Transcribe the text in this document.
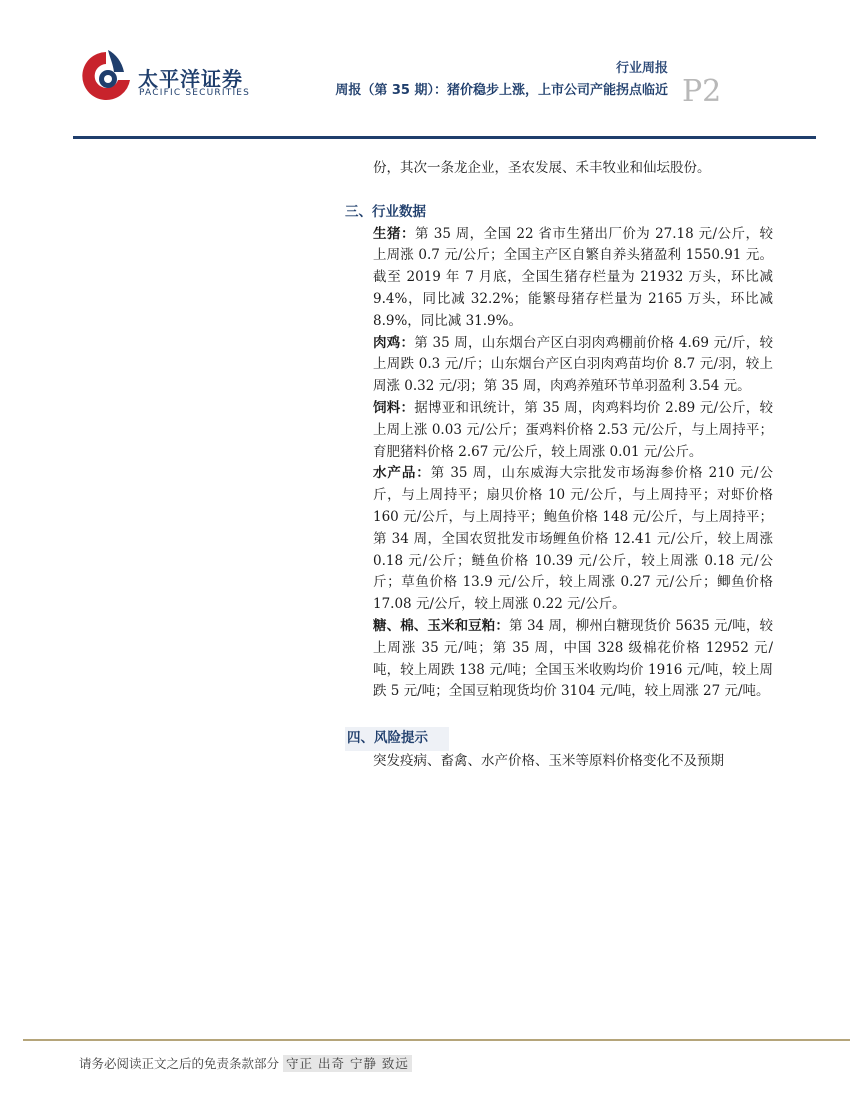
太平洋证券
PACIFIC SECURITIES
行业周报
周报（第 35 期）：猪价稳步上涨，上市公司产能拐点临近 P2
份，其次一条龙企业，圣农发展、禾丰牧业和仙坛股份。
三、行业数据
生猪：第 35 周，全国 22 省市生猪出厂价为 27.18 元/公斤，较上周涨 0.7 元/公斤；全国主产区自繁自养头猪盈利 1550.91 元。截至 2019 年 7 月底，全国生猪存栏量为 21932 万头，环比减 9.4%，同比减 32.2%；能繁母猪存栏量为 2165 万头，环比减 8.9%，同比减 31.9%。
肉鸡：第 35 周，山东烟台产区白羽肉鸡棚前价格 4.69 元/斤，较上周跌 0.3 元/斤；山东烟台产区白羽肉鸡苗均价 8.7 元/羽，较上周涨 0.32 元/羽；第 35 周，肉鸡养殖环节单羽盈利 3.54 元。
饲料：据博亚和讯统计，第 35 周，肉鸡料均价 2.89 元/公斤，较上周上涨 0.03 元/公斤；蛋鸡料价格 2.53 元/公斤，与上周持平；育肥猪料价格 2.67 元/公斤，较上周涨 0.01 元/公斤。
水产品：第 35 周，山东威海大宗批发市场海参价格 210 元/公斤，与上周持平；扇贝价格 10 元/公斤，与上周持平；对虾价格 160 元/公斤，与上周持平；鲍鱼价格 148 元/公斤，与上周持平；第 34 周，全国农贸批发市场鲤鱼价格 12.41 元/公斤，较上周涨 0.18 元/公斤；鲢鱼价格 10.39 元/公斤，较上周涨 0.18 元/公斤；草鱼价格 13.9 元/公斤，较上周涨 0.27 元/公斤；鲫鱼价格 17.08 元/公斤，较上周涨 0.22 元/公斤。
糖、棉、玉米和豆粕：第 34 周，柳州白糖现货价 5635 元/吨，较上周涨 35 元/吨；第 35 周，中国 328 级棉花价格 12952 元/吨，较上周跌 138 元/吨；全国玉米收购均价 1916 元/吨，较上周跌 5 元/吨；全国豆粕现货均价 3104 元/吨，较上周涨 27 元/吨。
四、风险提示
突发疫病、畜禽、水产价格、玉米等原料价格变化不及预期
请务必阅读正文之后的免责条款部分 守正 出奇 宁静 致远
